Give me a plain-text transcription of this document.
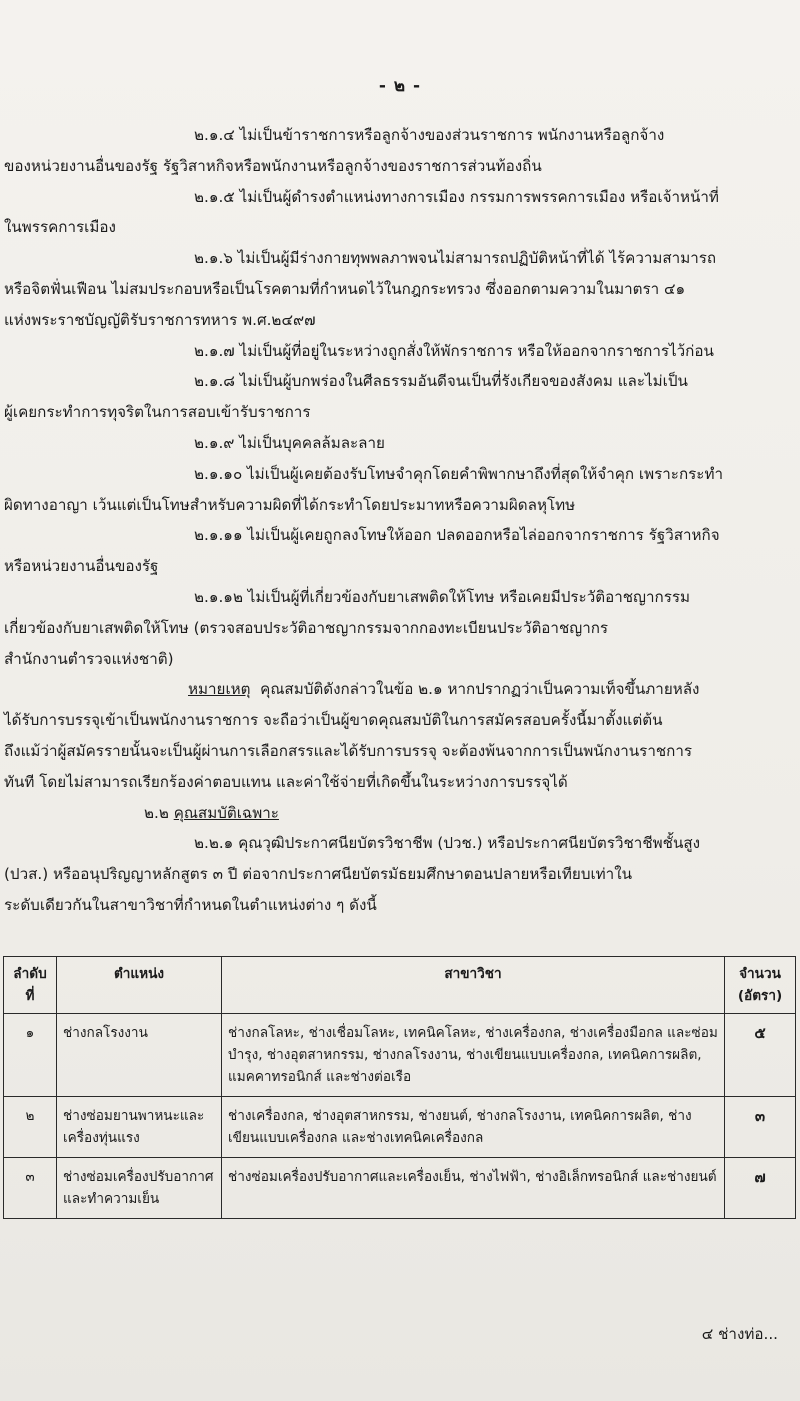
- ๒ -
๒.๑.๔ ไม่เป็นข้าราชการหรือลูกจ้างของส่วนราชการ พนักงานหรือลูกจ้าง
ของหน่วยงานอื่นของรัฐ รัฐวิสาหกิจหรือพนักงานหรือลูกจ้างของราชการส่วนท้องถิ่น
๒.๑.๕ ไม่เป็นผู้ดำรงตำแหน่งทางการเมือง กรรมการพรรคการเมือง หรือเจ้าหน้าที่
ในพรรคการเมือง
๒.๑.๖ ไม่เป็นผู้มีร่างกายทุพพลภาพจนไม่สามารถปฏิบัติหน้าที่ได้ ไร้ความสามารถ
หรือจิตฟั่นเฟือน ไม่สมประกอบหรือเป็นโรคตามที่กำหนดไว้ในกฎกระทรวง ซึ่งออกตามความในมาตรา ๔๑
แห่งพระราชบัญญัติรับราชการทหาร พ.ศ.๒๔๙๗
๒.๑.๗ ไม่เป็นผู้ที่อยู่ในระหว่างถูกสั่งให้พักราชการ หรือให้ออกจากราชการไว้ก่อน
๒.๑.๘ ไม่เป็นผู้บกพร่องในศีลธรรมอันดีจนเป็นที่รังเกียจของสังคม และไม่เป็น
ผู้เคยกระทำการทุจริตในการสอบเข้ารับราชการ
๒.๑.๙ ไม่เป็นบุคคลล้มละลาย
๒.๑.๑๐ ไม่เป็นผู้เคยต้องรับโทษจำคุกโดยคำพิพากษาถึงที่สุดให้จำคุก เพราะกระทำ
ผิดทางอาญา เว้นแต่เป็นโทษสำหรับความผิดที่ได้กระทำโดยประมาทหรือความผิดลหุโทษ
๒.๑.๑๑ ไม่เป็นผู้เคยถูกลงโทษให้ออก ปลดออกหรือไล่ออกจากราชการ รัฐวิสาหกิจ
หรือหน่วยงานอื่นของรัฐ
๒.๑.๑๒ ไม่เป็นผู้ที่เกี่ยวข้องกับยาเสพติดให้โทษ หรือเคยมีประวัติอาชญากรรม
เกี่ยวข้องกับยาเสพติดให้โทษ (ตรวจสอบประวัติอาชญากรรมจากกองทะเบียนประวัติอาชญากร
สำนักงานตำรวจแห่งชาติ)
หมายเหตุ คุณสมบัติดังกล่าวในข้อ ๒.๑ หากปรากฏว่าเป็นความเท็จขึ้นภายหลัง
ได้รับการบรรจุเข้าเป็นพนักงานราชการ จะถือว่าเป็นผู้ขาดคุณสมบัติในการสมัครสอบครั้งนี้มาตั้งแต่ต้น
ถึงแม้ว่าผู้สมัครรายนั้นจะเป็นผู้ผ่านการเลือกสรรและได้รับการบรรจุ จะต้องพ้นจากการเป็นพนักงานราชการ
ทันที โดยไม่สามารถเรียกร้องค่าตอบแทน และค่าใช้จ่ายที่เกิดขึ้นในระหว่างการบรรจุได้
๒.๒ คุณสมบัติเฉพาะ
๒.๒.๑ คุณวุฒิประกาศนียบัตรวิชาชีพ (ปวช.) หรือประกาศนียบัตรวิชาชีพชั้นสูง
(ปวส.) หรืออนุปริญญาหลักสูตร ๓ ปี ต่อจากประกาศนียบัตรมัธยมศึกษาตอนปลายหรือเทียบเท่าใน
ระดับเดียวกันในสาขาวิชาที่กำหนดในตำแหน่งต่าง ๆ ดังนี้
ลำดับที่	ตำแหน่ง	สาขาวิชา	จำนวน (อัตรา)
๑	ช่างกลโรงงาน	ช่างกลโลหะ, ช่างเชื่อมโลหะ, เทคนิคโลหะ, ช่างเครื่องกล, ช่างเครื่องมือกล และซ่อมบำรุง, ช่างอุตสาหกรรม, ช่างกลโรงงาน, ช่างเขียนแบบเครื่องกล, เทคนิคการผลิต, แมคคาทรอนิกส์ และช่างต่อเรือ	๕
๒	ช่างซ่อมยานพาหนะและเครื่องทุ่นแรง	ช่างเครื่องกล, ช่างอุตสาหกรรม, ช่างยนต์, ช่างกลโรงงาน, เทคนิคการผลิต, ช่างเขียนแบบเครื่องกล และช่างเทคนิคเครื่องกล	๓
๓	ช่างซ่อมเครื่องปรับอากาศและทำความเย็น	ช่างซ่อมเครื่องปรับอากาศและเครื่องเย็น, ช่างไฟฟ้า, ช่างอิเล็กทรอนิกส์ และช่างยนต์	๗
๔ ช่างท่อ...
